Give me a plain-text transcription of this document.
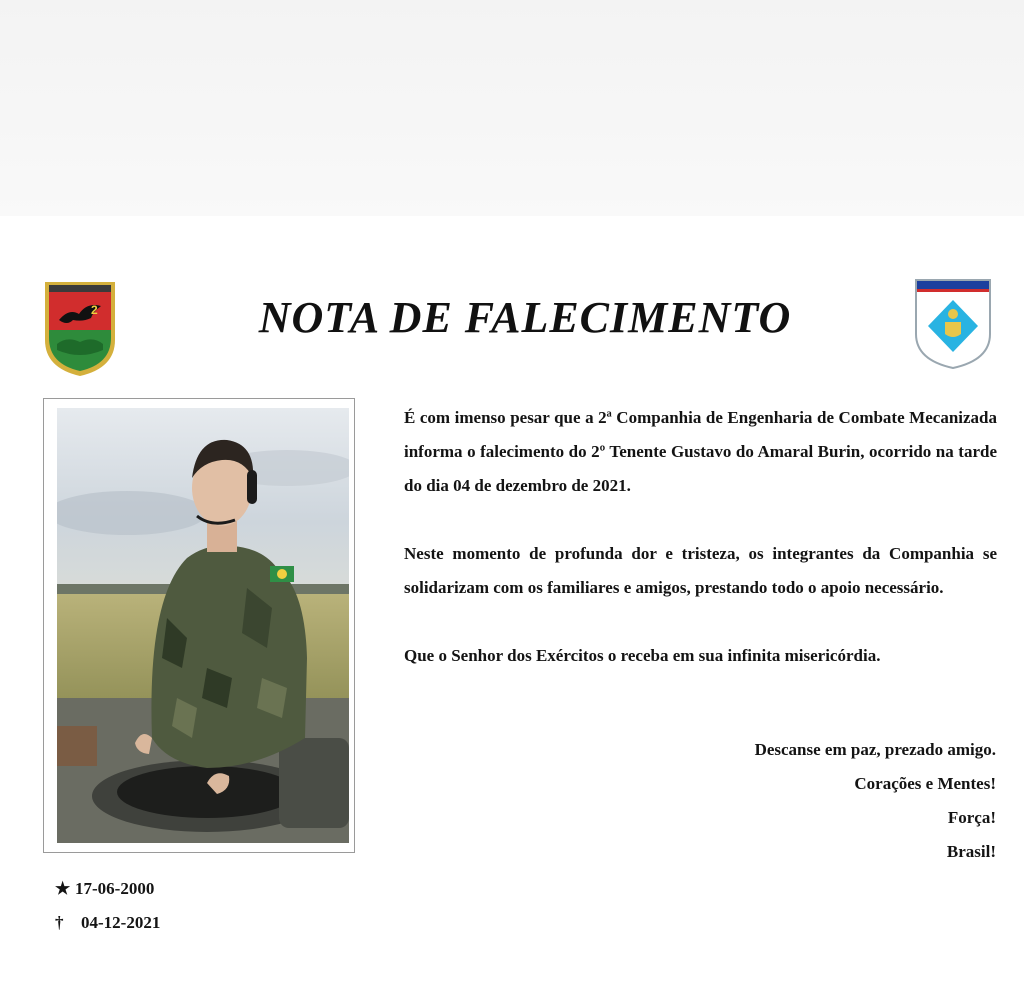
2	NOTA DE FALECIMENTO
★ 17-06-2000
†	04-12-2021

É com imenso pesar que a 2ª Companhia de Engenharia de Combate Mecanizada informa o falecimento do 2º Tenente Gustavo do Amaral Burin, ocorrido na tarde do dia 04 de dezembro de 2021.

Neste momento de profunda dor e tristeza, os integrantes da Companhia se solidarizam com os familiares e amigos, prestando todo o apoio necessário.

Que o Senhor dos Exércitos o receba em sua infinita misericórdia.

Descanse em paz, prezado amigo.
Corações e Mentes!
Força!
Brasil!
